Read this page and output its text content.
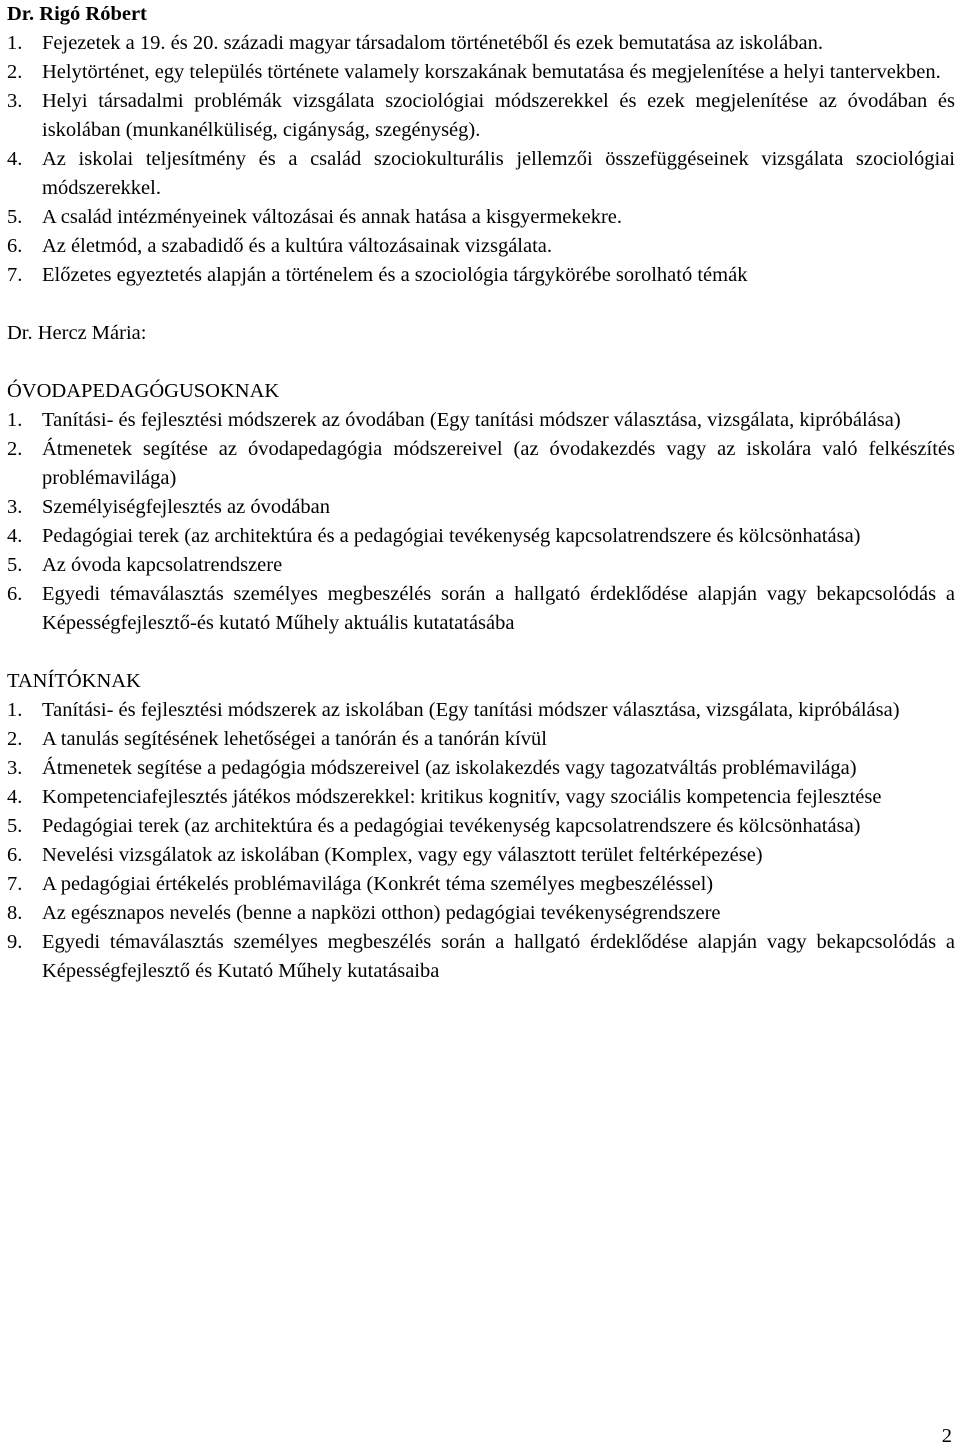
Dr. Rigó Róbert
1. Fejezetek a 19. és 20. századi magyar társadalom történetéből és ezek bemutatása az iskolában.
2. Helytörténet, egy település története valamely korszakának bemutatása és megjelenítése a helyi tantervekben.
3. Helyi társadalmi problémák vizsgálata szociológiai módszerekkel és ezek megjelenítése az óvodában és iskolában (munkanélküliség, cigányság, szegénység).
4. Az iskolai teljesítmény és a család szociokulturális jellemzői összefüggéseinek vizsgálata szociológiai módszerekkel.
5. A család intézményeinek változásai és annak hatása a kisgyermekekre.
6. Az életmód, a szabadidő és a kultúra változásainak vizsgálata.
7. Előzetes egyeztetés alapján a történelem és a szociológia tárgykörébe sorolható témák
Dr. Hercz Mária:
ÓVODAPEDAGÓGUSOKNAK
1. Tanítási- és fejlesztési módszerek az óvodában (Egy tanítási módszer választása, vizsgálata, kipróbálása)
2. Átmenetek segítése az óvodapedagógia módszereivel (az óvodakezdés vagy az iskolára való felkészítés problémavilága)
3. Személyiségfejlesztés az óvodában
4. Pedagógiai terek (az architektúra és a pedagógiai tevékenység kapcsolatrendszere és kölcsönhatása)
5. Az óvoda kapcsolatrendszere
6. Egyedi témaválasztás személyes megbeszélés során a hallgató érdeklődése alapján vagy bekapcsolódás a Képességfejlesztő-és kutató Műhely aktuális kutatatásába
TANÍTÓKNAK
1. Tanítási- és fejlesztési módszerek az iskolában (Egy tanítási módszer választása, vizsgálata, kipróbálása)
2. A tanulás segítésének lehetőségei a tanórán és a tanórán kívül
3. Átmenetek segítése a pedagógia módszereivel (az iskolakezdés vagy tagozatváltás problémavilága)
4. Kompetenciafejlesztés játékos módszerekkel: kritikus kognitív, vagy szociális kompetencia fejlesztése
5. Pedagógiai terek (az architektúra és a pedagógiai tevékenység kapcsolatrendszere és kölcsönhatása)
6. Nevelési vizsgálatok az iskolában (Komplex, vagy egy választott terület feltérképezése)
7. A pedagógiai értékelés problémavilága (Konkrét téma személyes megbeszéléssel)
8. Az egésznapos nevelés (benne a napközi otthon) pedagógiai tevékenységrendszere
9. Egyedi témaválasztás személyes megbeszélés során a hallgató érdeklődése alapján vagy bekapcsolódás a Képességfejlesztő és Kutató Műhely kutatásaiba
2
